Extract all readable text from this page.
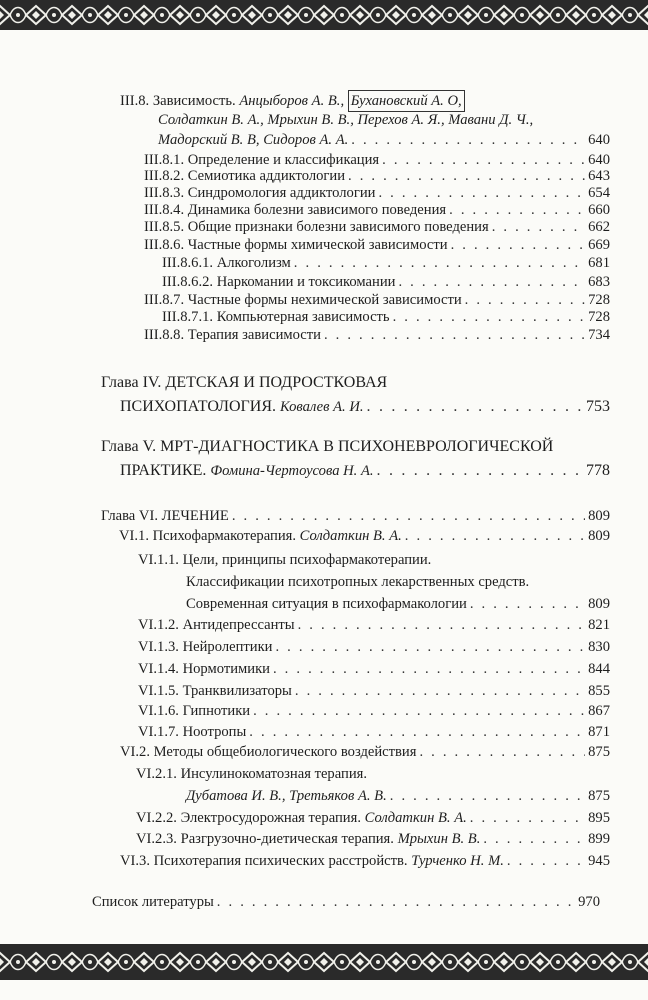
III.8. Зависимость.
Анцыборов А. В.,
Бухановский А. О,
Солдаткин В. А., Мрыхин В. В., Перехов А. Я., Мавани Д. Ч.,
Мадорский В. В, Сидоров А. А. . . .	640
III.8.1. Определение и классификация . . .	640
III.8.2. Семиотика аддиктологии . . .	643
III.8.3. Синдромология аддиктологии . . .	654
III.8.4. Динамика болезни зависимого поведения . . .	660
III.8.5. Общие признаки болезни зависимого поведения . . .	662
III.8.6. Частные формы химической зависимости . . .	669
III.8.6.1. Алкоголизм . . .	681
III.8.6.2. Наркомании и токсикомании . . .	683
III.8.7. Частные формы нехимической зависимости . . .	728
III.8.7.1. Компьютерная зависимость . . .	728
III.8.8. Терапия зависимости . . .	734
Глава IV. ДЕТСКАЯ И ПОДРОСТКОВАЯ
ПСИХОПАТОЛОГИЯ.
Ковалев А. И. . . .	753
Глава V. МРТ-ДИАГНОСТИКА В ПСИХОНЕВРОЛОГИЧЕСКОЙ
ПРАКТИКЕ.
Фомина-Чертоусова Н. А. . . .	778
Глава VI. ЛЕЧЕНИЕ . . .	809
VI.1. Психофармакотерапия.
Солдаткин В. А. . . .	809
VI.1.1. Цели, принципы психофармакотерапии.
Классификации психотропных лекарственных средств.
Современная ситуация в психофармакологии . . .	809
VI.1.2. Антидепрессанты . . .	821
VI.1.3. Нейролептики . . .	830
VI.1.4. Нормотимики . . .	844
VI.1.5. Транквилизаторы . . .	855
VI.1.6. Гипнотики . . .	867
VI.1.7. Ноотропы . . .	871
VI.2. Методы общебиологического воздействия . . .	875
VI.2.1. Инсулинокоматозная терапия.
Дубатова И. В., Третьяков А. В. . . .	875
VI.2.2. Электросудорожная терапия.
Солдаткин В. А. . . .	895
VI.2.3. Разгрузочно-диетическая терапия.
Мрыхин В. В. . . .	899
VI.3. Психотерапия психических расстройств.
Турченко Н. М. . . .	945
Список литературы . . .	970
